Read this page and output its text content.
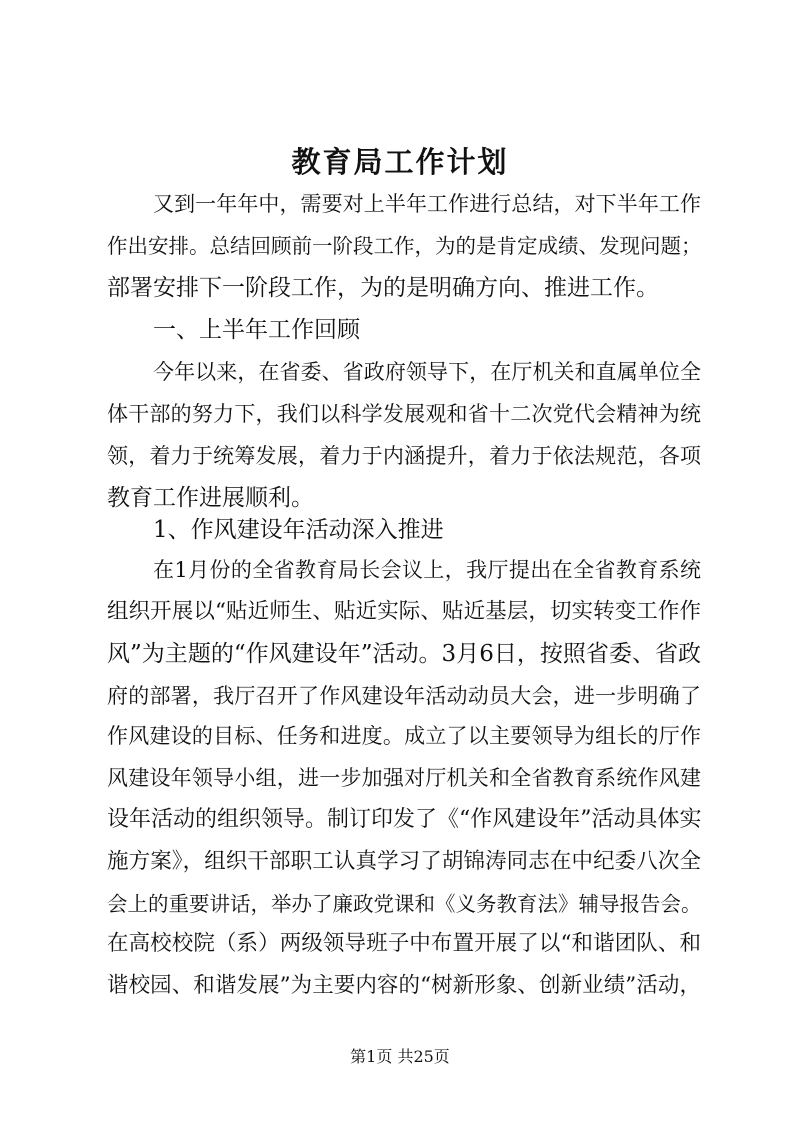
教育局工作计划
又到一年年中，需要对上半年工作进行总结，对下半年工作
作出安排。总结回顾前一阶段工作，为的是肯定成绩、发现问题；
部署安排下一阶段工作，为的是明确方向、推进工作。
一、上半年工作回顾
今年以来，在省委、省政府领导下，在厅机关和直属单位全
体干部的努力下，我们以科学发展观和省十二次党代会精神为统
领，着力于统筹发展，着力于内涵提升，着力于依法规范，各项
教育工作进展顺利。
1、作风建设年活动深入推进
在1月份的全省教育局长会议上，我厅提出在全省教育系统
组织开展以“贴近师生、贴近实际、贴近基层，切实转变工作作
风”为主题的“作风建设年”活动。3月6日，按照省委、省政
府的部署，我厅召开了作风建设年活动动员大会，进一步明确了
作风建设的目标、任务和进度。成立了以主要领导为组长的厅作
风建设年领导小组，进一步加强对厅机关和全省教育系统作风建
设年活动的组织领导。制订印发了《“作风建设年”活动具体实
施方案》，组织干部职工认真学习了胡锦涛同志在中纪委八次全
会上的重要讲话，举办了廉政党课和《义务教育法》辅导报告会。
在高校校院（系）两级领导班子中布置开展了以“和谐团队、和
谐校园、和谐发展”为主要内容的“树新形象、创新业绩”活动，
第1页 共25页
